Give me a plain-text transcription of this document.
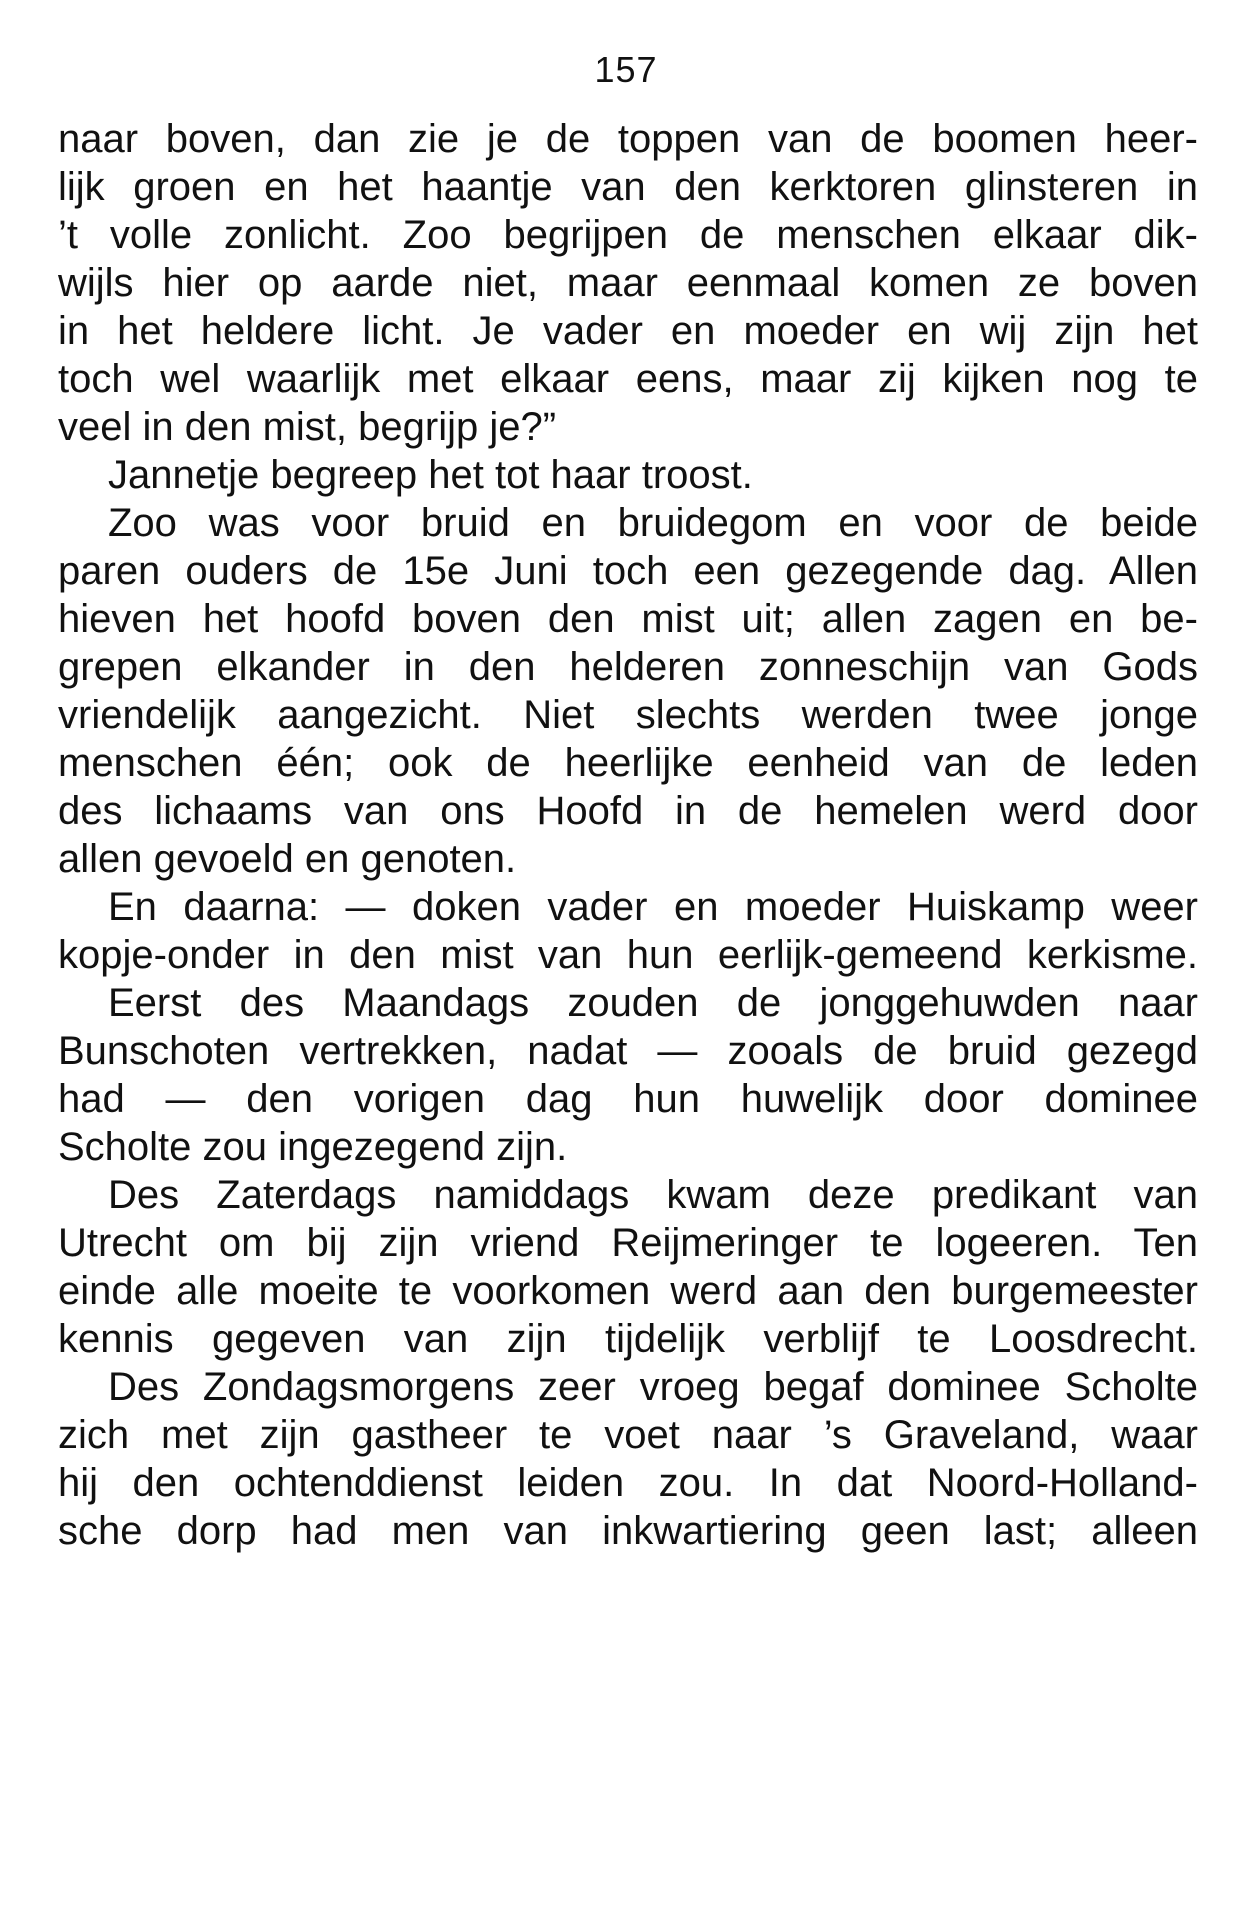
157
naar boven, dan zie je de toppen van de boomen heer-
lijk groen en het haantje van den kerktoren glinsteren in
’t volle zonlicht. Zoo begrijpen de menschen elkaar dik-
wijls hier op aarde niet, maar eenmaal komen ze boven
in het heldere licht. Je vader en moeder en wij zijn het
toch wel waarlijk met elkaar eens, maar zij kijken nog te
veel in den mist, begrijp je?”
Jannetje begreep het tot haar troost.
Zoo was voor bruid en bruidegom en voor de beide
paren ouders de 15e Juni toch een gezegende dag. Allen
hieven het hoofd boven den mist uit; allen zagen en be-
grepen elkander in den helderen zonneschijn van Gods
vriendelijk aangezicht. Niet slechts werden twee jonge
menschen één; ook de heerlijke eenheid van de leden
des lichaams van ons Hoofd in de hemelen werd door
allen gevoeld en genoten.
En daarna: — doken vader en moeder Huiskamp weer
kopje-onder in den mist van hun eerlijk-gemeend kerkisme.
Eerst des Maandags zouden de jonggehuwden naar
Bunschoten vertrekken, nadat — zooals de bruid gezegd
had — den vorigen dag hun huwelijk door dominee
Scholte zou ingezegend zijn.
Des Zaterdags namiddags kwam deze predikant van
Utrecht om bij zijn vriend Reijmeringer te logeeren. Ten
einde alle moeite te voorkomen werd aan den burgemeester
kennis gegeven van zijn tijdelijk verblijf te Loosdrecht.
Des Zondagsmorgens zeer vroeg begaf dominee Scholte
zich met zijn gastheer te voet naar ’s Graveland, waar
hij den ochtenddienst leiden zou. In dat Noord-Holland-
sche dorp had men van inkwartiering geen last; alleen
